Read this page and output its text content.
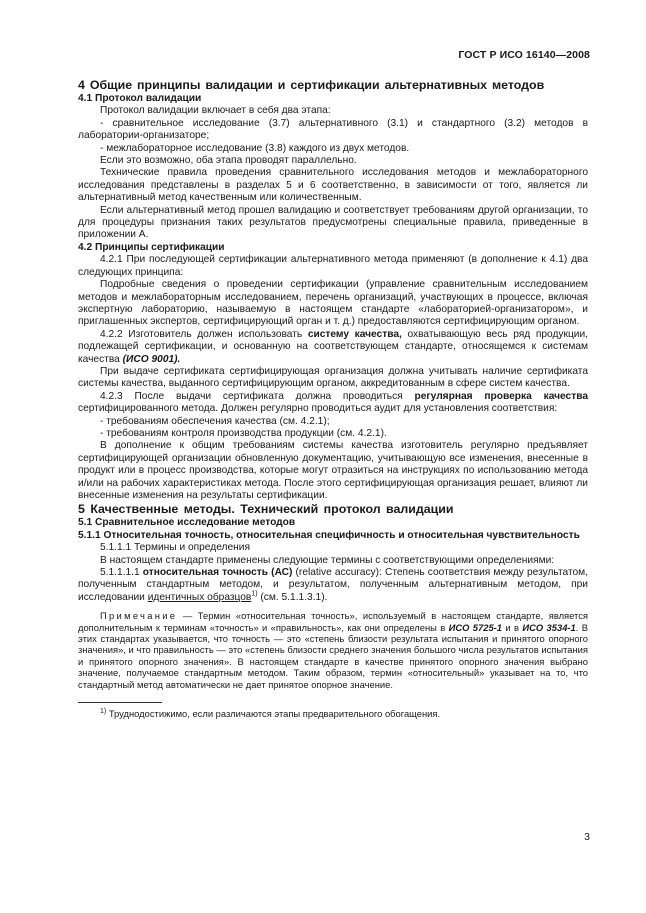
ГОСТ Р ИСО 16140—2008

4 Общие принципы валидации и сертификации альтернативных методов

4.1 Протокол валидации

Протокол валидации включает в себя два этапа:

- сравнительное исследование (3.7) альтернативного (3.1) и стандартного (3.2) методов в лаборатории-организаторе;

- межлабораторное исследование (3.8) каждого из двух методов.

Если это возможно, оба этапа проводят параллельно.

Технические правила проведения сравнительного исследования методов и межлабораторного исследования представлены в разделах 5 и 6 соответственно, в зависимости от того, является ли альтернативный метод качественным или количественным.

Если альтернативный метод прошел валидацию и соответствует требованиям другой организации, то для процедуры признания таких результатов предусмотрены специальные правила, приведенные в приложении А.

4.2 Принципы сертификации

4.2.1 При последующей сертификации альтернативного метода применяют (в дополнение к 4.1) два следующих принципа:

Подробные сведения о проведении сертификации (управление сравнительным исследованием методов и межлабораторным исследованием, перечень организаций, участвующих в процессе, включая экспертную лабораторию, называемую в настоящем стандарте «лабораторией-организатором», и приглашенных экспертов, сертифицирующий орган и т. д.) предоставляются сертифицирующим органом.

4.2.2 Изготовитель должен использовать систему качества, охватывающую весь ряд продукции, подлежащей сертификации, и основанную на соответствующем стандарте, относящемся к системам качества (ИСО 9001).

При выдаче сертификата сертифицирующая организация должна учитывать наличие сертификата системы качества, выданного сертифицирующим органом, аккредитованным в сфере систем качества.

4.2.3 После выдачи сертификата должна проводиться регулярная проверка качества сертифицированного метода. Должен регулярно проводиться аудит для установления соответствия:

- требованиям обеспечения качества (см. 4.2.1);

- требованиям контроля производства продукции (см. 4.2.1).

В дополнение к общим требованиям системы качества изготовитель регулярно предъявляет сертифицирующей организации обновленную документацию, учитывающую все изменения, внесенные в продукт или в процесс производства, которые могут отразиться на инструкциях по использованию метода и/или на рабочих характеристиках метода. После этого сертифицирующая организация решает, влияют ли внесенные изменения на результаты сертификации.

5 Качественные методы. Технический протокол валидации

5.1 Сравнительное исследование методов

5.1.1 Относительная точность, относительная специфичность и относительная чувствительность

5.1.1.1 Термины и определения

В настоящем стандарте применены следующие термины с соответствующими определениями:

5.1.1.1.1 относительная точность (АС) (relative accuracy): Степень соответствия между результатом, полученным стандартным методом, и результатом, полученным альтернативным методом, при исследовании идентичных образцов$^{1)}$ (см. 5.1.1.3.1).

Примечание — Термин «относительная точность», используемый в настоящем стандарте, является дополнительным к терминам «точность» и «правильность», как они определены в ИСО 5725-1 и в ИСО 3534-1. В этих стандартах указывается, что точность — это «степень близости результата испытания и принятого опорного значения», и что правильность — это «степень близости среднего значения большого числа результатов испытания и принятого опорного значения». В настоящем стандарте в качестве принятого опорного значения выбрано значение, получаемое стандартным методом. Таким образом, термин «относительный» указывает на то, что стандартный метод автоматически не дает принятое опорное значение.

$^{1)}$ Труднодостижимо, если различаются этапы предварительного обогащения.

3
